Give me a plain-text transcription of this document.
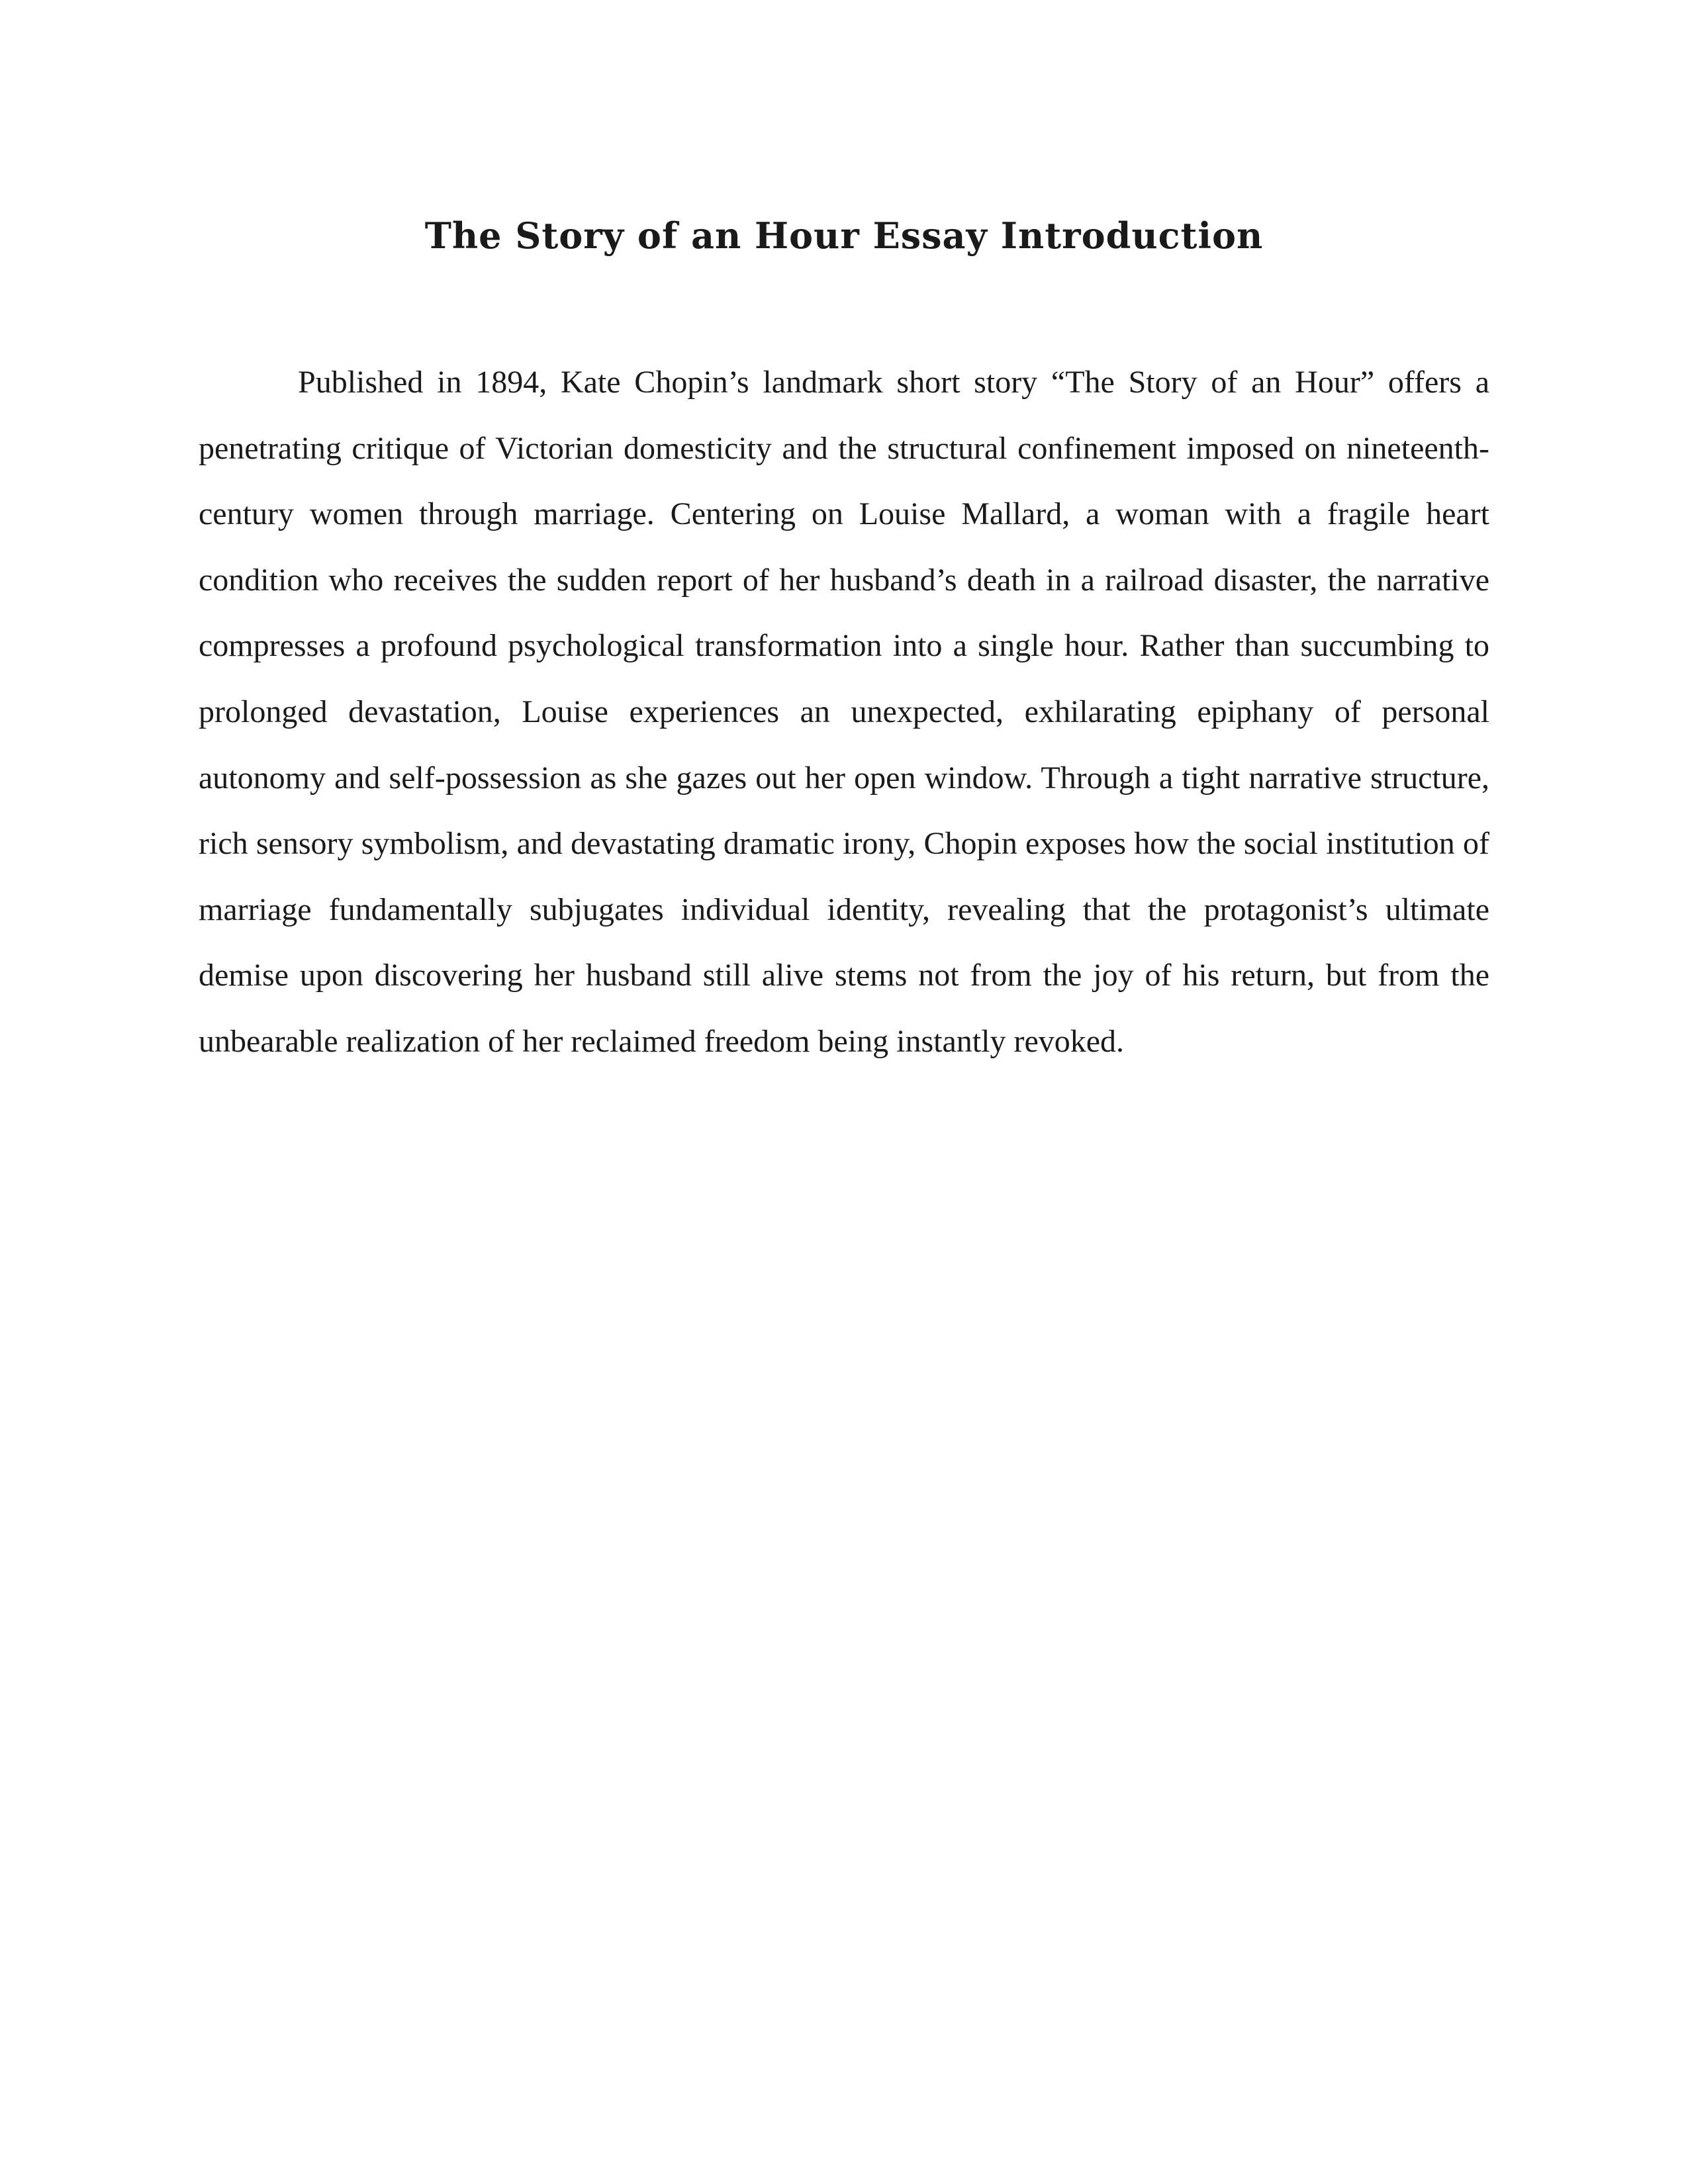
The Story of an Hour Essay Introduction

Published in 1894, Kate Chopin’s landmark short story “The Story of an Hour” offers a penetrating critique of Victorian domesticity and the structural confinement imposed on nineteenth-century women through marriage. Centering on Louise Mallard, a woman with a fragile heart condition who receives the sudden report of her husband’s death in a railroad disaster, the narrative compresses a profound psychological transformation into a single hour. Rather than succumbing to prolonged devastation, Louise experiences an unexpected, exhilarating epiphany of personal autonomy and self-possession as she gazes out her open window. Through a tight narrative structure, rich sensory symbolism, and devastating dramatic irony, Chopin exposes how the social institution of marriage fundamentally subjugates individual identity, revealing that the protagonist’s ultimate demise upon discovering her husband still alive stems not from the joy of his return, but from the unbearable realization of her reclaimed freedom being instantly revoked.
